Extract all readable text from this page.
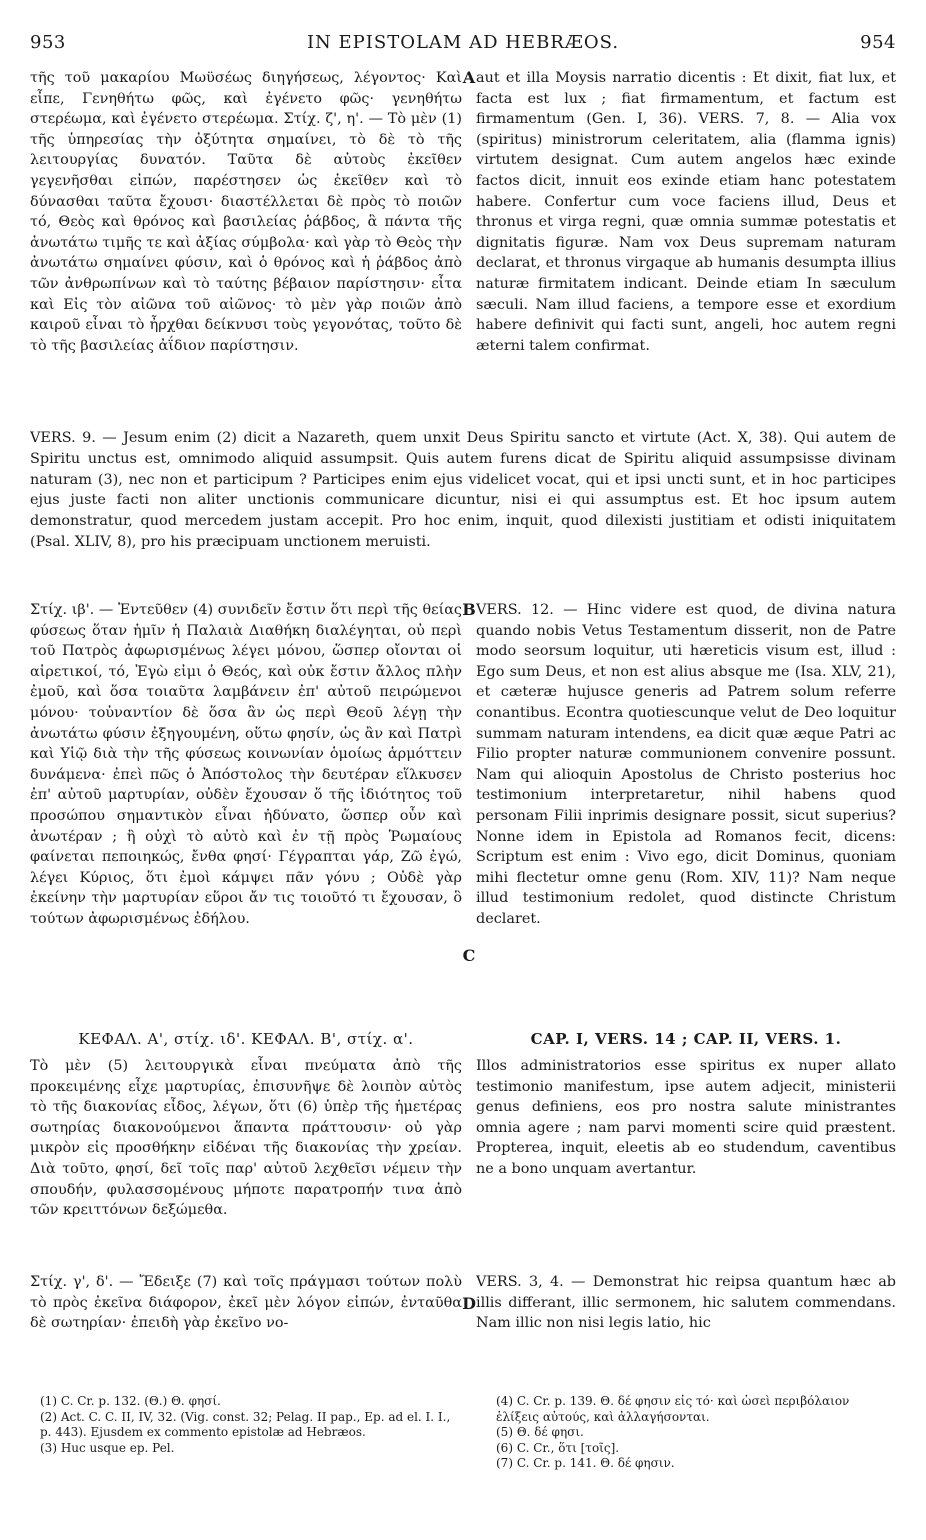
953	IN EPISTOLAM AD HEBRÆOS.	954

τῆς τοῦ μακαρίου Μωϋσέως διηγήσεως, λέγοντος· Καὶ εἶπε, Γενηθήτω φῶς, καὶ ἐγένετο φῶς· γενηθήτω στερέωμα, καὶ ἐγένετο στερέωμα. Στίχ. ζ', η'. — Τὸ μὲν (1) τῆς ὑπηρεσίας τὴν ὀξύτητα σημαίνει, τὸ δὲ τὸ τῆς λειτουργίας δυνατόν. Ταῦτα δὲ αὐτοὺς ἐκεῖθεν γεγενῆσθαι εἰπών, παρέστησεν ὡς ἐκεῖθεν καὶ τὸ δύνασθαι ταῦτα ἔχουσι· διαστέλλεται δὲ πρὸς τὸ ποιῶν τό, Θεὸς καὶ θρόνος καὶ βασιλείας ῥάβδος, ἃ πάντα τῆς ἀνωτάτω τιμῆς τε καὶ ἀξίας σύμβολα· καὶ γὰρ τὸ Θεὸς τὴν ἀνωτάτω σημαίνει φύσιν, καὶ ὁ θρόνος καὶ ἡ ῥάβδος ἀπὸ τῶν ἀνθρωπίνων καὶ τὸ ταύτης βέβαιον παρίστησιν· εἶτα καὶ Εἰς τὸν αἰῶνα τοῦ αἰῶνος· τὸ μὲν γὰρ ποιῶν ἀπὸ καιροῦ εἶναι τὸ ἦρχθαι δείκνυσι τοὺς γεγονότας, τοῦτο δὲ τὸ τῆς βασιλείας ἀΐδιον παρίστησιν.

A aut et illa Moysis narratio dicentis : Et dixit, fiat lux, et facta est lux ; fiat firmamentum, et factum est firmamentum (Gen. I, 36). VERS. 7, 8. — Alia vox (spiritus) ministrorum celeritatem, alia (flamma ignis) virtutem designat. Cum autem angelos hæc exinde factos dicit, innuit eos exinde etiam hanc potestatem habere. Confertur cum voce faciens illud, Deus et thronus et virga regni, quæ omnia summæ potestatis et dignitatis figuræ. Nam vox Deus supremam naturam declarat, et thronus virgaque ab humanis desumpta illius naturæ firmitatem indicant. Deinde etiam In sæculum sæculi. Nam illud faciens, a tempore esse et exordium habere definivit qui facti sunt, angeli, hoc autem regni æterni talem confirmat.

VERS. 9. — Jesum enim (2) dicit a Nazareth, quem unxit Deus Spiritu sancto et virtute (Act. X, 38). Qui autem de Spiritu unctus est, omnimodo aliquid assumpsit. Quis autem furens dicat de Spiritu aliquid assumpsisse divinam naturam (3), nec non et participum ? Participes enim ejus videlicet vocat, qui et ipsi uncti sunt, et in hoc participes ejus juste facti non aliter unctionis communicare dicuntur, nisi ei qui assumptus est. Et hoc ipsum autem demonstratur, quod mercedem justam accepit. Pro hoc enim, inquit, quod dilexisti justitiam et odisti iniquitatem (Psal. XLIV, 8), pro his præcipuam unctionem meruisti.

Στίχ. ιβ'. — Ἐντεῦθεν (4) συνιδεῖν ἔστιν ὅτι περὶ τῆς θείας φύσεως ὅταν ἡμῖν ἡ Παλαιὰ Διαθήκη διαλέγηται, οὐ περὶ τοῦ Πατρὸς ἀφωρισμένως λέγει μόνου, ὥσπερ οἴονται οἱ αἱρετικοί, τό, Ἐγὼ εἰμι ὁ Θεός, καὶ οὐκ ἔστιν ἄλλος πλὴν ἐμοῦ, καὶ ὅσα τοιαῦτα λαμβάνειν ἐπ' αὐτοῦ πειρώμενοι μόνου· τοὐναντίον δὲ ὅσα ἂν ὡς περὶ Θεοῦ λέγῃ τὴν ἀνωτάτω φύσιν ἐξηγουμένη, οὕτω φησίν, ὡς ἂν καὶ Πατρὶ καὶ Υἱῷ διὰ τὴν τῆς φύσεως κοινωνίαν ὁμοίως ἁρμόττειν δυνάμενα· ἐπεὶ πῶς ὁ Ἀπόστολος τὴν δευτέραν εἵλκυσεν ἐπ' αὐτοῦ μαρτυρίαν, οὐδὲν ἔχουσαν ὅ τῆς ἰδιότητος τοῦ προσώπου σημαντικὸν εἶναι ἠδύνατο, ὥσπερ οὖν καὶ ἀνωτέραν ; ἢ οὐχὶ τὸ αὐτὸ καὶ ἐν τῇ πρὸς Ῥωμαίους φαίνεται πεποιηκώς, ἔνθα φησί· Γέγραπται γάρ, Ζῶ ἐγώ, λέγει Κύριος, ὅτι ἐμοὶ κάμψει πᾶν γόνυ ; Οὐδὲ γὰρ ἐκείνην τὴν μαρτυρίαν εὕροι ἄν τις τοιοῦτό τι ἔχουσαν, ὃ τούτων ἀφωρισμένως ἐδήλου.

B
C

VERS. 12. — Hinc videre est quod, de divina natura quando nobis Vetus Testamentum disserit, non de Patre modo seorsum loquitur, uti hæreticis visum est, illud : Ego sum Deus, et non est alius absque me (Isa. XLV, 21), et cæteræ hujusce generis ad Patrem solum referre conantibus. Econtra quotiescunque velut de Deo loquitur summam naturam intendens, ea dicit quæ æque Patri ac Filio propter naturæ communionem convenire possunt. Nam qui alioquin Apostolus de Christo posterius hoc testimonium interpretaretur, nihil habens quod personam Filii inprimis designare possit, sicut superius? Nonne idem in Epistola ad Romanos fecit, dicens: Scriptum est enim : Vivo ego, dicit Dominus, quoniam mihi flectetur omne genu (Rom. XIV, 11)? Nam neque illud testimonium redolet, quod distincte Christum declaret.

ΚΕΦΑΛ. Α', στίχ. ιδ'. ΚΕΦΑΛ. Β', στίχ. α'.	CAP. I, VERS. 14 ; CAP. II, VERS. 1.

Τὸ μὲν (5) λειτουργικὰ εἶναι πνεύματα ἀπὸ τῆς προκειμένης εἶχε μαρτυρίας, ἐπισυνῆψε δὲ λοιπὸν αὐτὸς τὸ τῆς διακονίας εἶδος, λέγων, ὅτι (6) ὑπὲρ τῆς ἡμετέρας σωτηρίας διακονούμενοι ἅπαντα πράττουσιν· οὐ γὰρ μικρὸν εἰς προσθήκην εἰδέναι τῆς διακονίας τὴν χρείαν. Διὰ τοῦτο, φησί, δεῖ τοῖς παρ' αὐτοῦ λεχθεῖσι νέμειν τὴν σπουδήν, φυλασσομένους μήποτε παρατροπήν τινα ἀπὸ τῶν κρειττόνων δεξώμεθα.

Illos administratorios esse spiritus ex nuper allato testimonio manifestum, ipse autem adjecit, ministerii genus definiens, eos pro nostra salute ministrantes omnia agere ; nam parvi momenti scire quid præstent. Propterea, inquit, eleetis ab eo studendum, caventibus ne a bono unquam avertantur.

Στίχ. γ', δ'. — Ἔδειξε (7) καὶ τοῖς πράγμασι τούτων πολὺ τὸ πρὸς ἐκεῖνα διάφορον, ἐκεῖ μὲν λόγον εἰπών, ἐνταῦθα δὲ σωτηρίαν· ἐπειδὴ γὰρ ἐκεῖνο νο-

D

VERS. 3, 4. — Demonstrat hic reipsa quantum hæc ab illis differant, illic sermonem, hic salutem commendans. Nam illic non nisi legis latio, hic

(1) C. Cr. p. 132. (Θ.) Θ. φησί.

(2) Act. C. C. II, IV, 32. (Vig. const. 32; Pelag. II pap., Ep. ad el. I. I., p. 443). Ejusdem ex commento epistolæ ad Hebræos.

(3) Huc usque ep. Pel.

(4) C. Cr. p. 139. Θ. δέ φησιν εἰς τό· καὶ ὡσεὶ περιβόλαιον ἑλίξεις αὐτούς, καὶ ἀλλαγήσονται.

(5) Θ. δέ φησι.

(6) C. Cr., ὅτι [τοῖς].

(7) C. Cr. p. 141. Θ. δέ φησιν.
